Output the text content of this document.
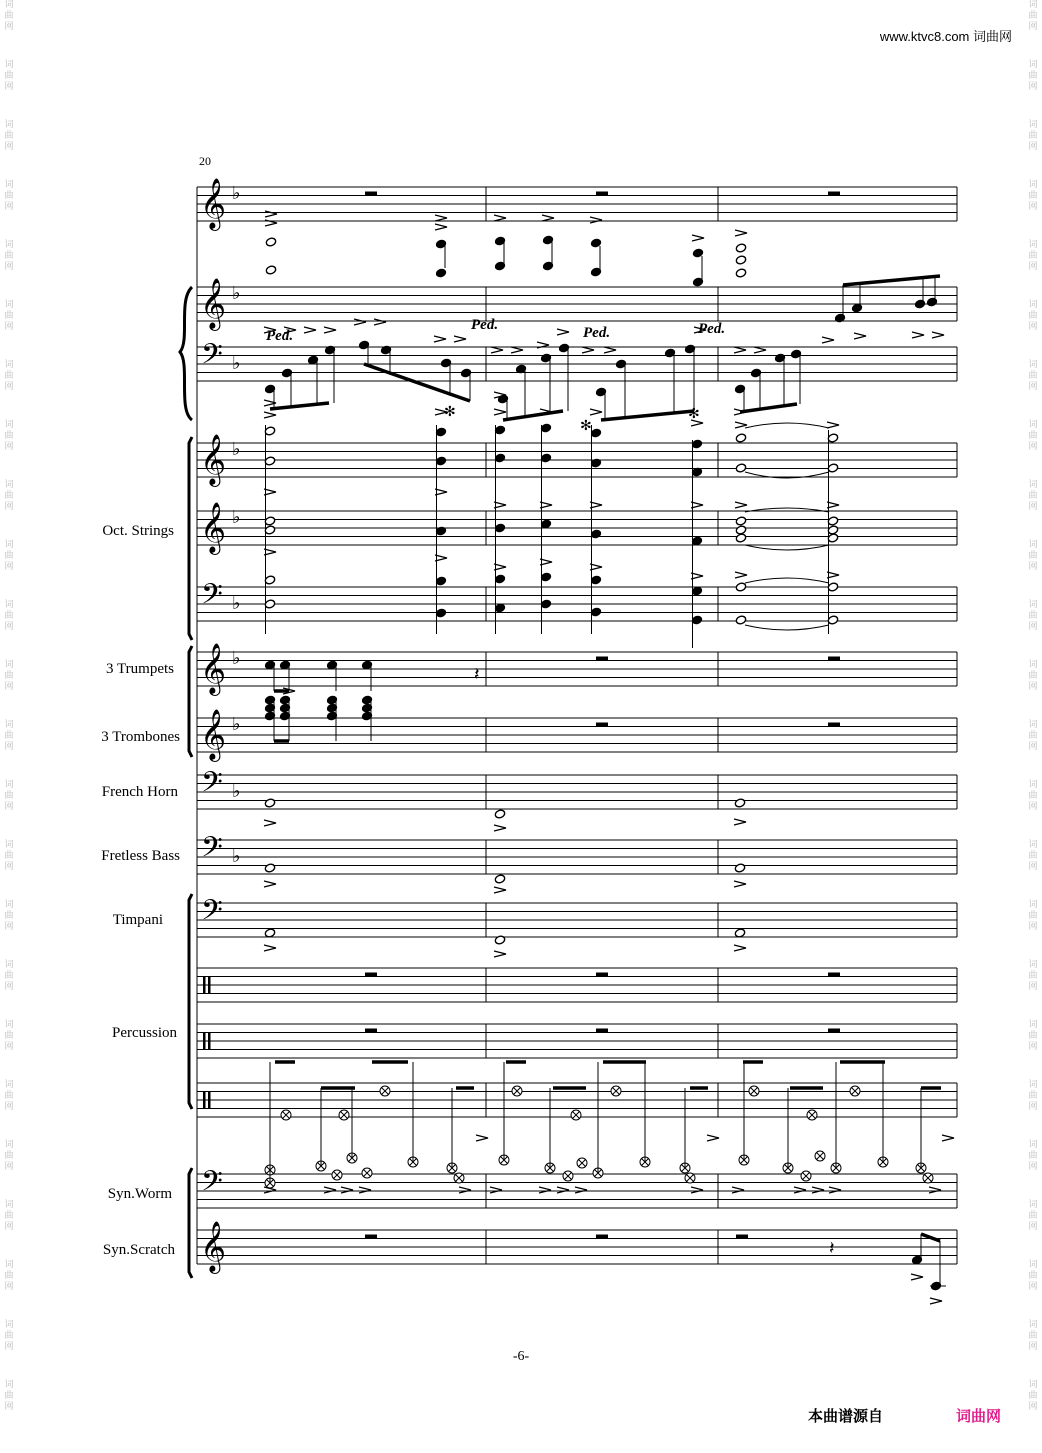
www.ktvc8.com 词曲网
20
词
曲
网
词
曲
网
词
曲
网
词
曲
网
词
曲
网
词
曲
网
词
曲
网
词
曲
网
词
曲
网
词
曲
网
词
曲
网
词
曲
网
词
曲
网
词
曲
网
词
曲
网
词
曲
网
词
曲
网
词
曲
网
词
曲
网
词
曲
网
词
曲
网
词
曲
网
词
曲
网
词
曲
网
词
曲
网
词
曲
网
词
曲
网
词
曲
网
词
曲
网
词
曲
网
词
曲
网
词
曲
网
词
曲
网
词
曲
网
词
曲
网
词
曲
网
词
曲
网
词
曲
网
词
曲
网
词
曲
网
词
曲
网
词
曲
网
词
曲
网
词
曲
网
词
曲
网
词
曲
网
词
曲
网
词
曲
网
𝄞 ♭
𝄞 ♭
𝄢 ♭
𝄞 ♭
𝄞 ♭
𝄢 ♭
𝄞 ♭
𝄞 ♭
𝄢 ♭
𝄢 ♭
𝄢
𝄢
𝄞
𝄽
𝄽
Ped.
Ped.	Ped.	Ped.
✻
✻
✻
Oct. Strings
3 Trumpets
3 Trombones
French Horn
Fretless Bass
Timpani
Percussion
Syn.Worm
Syn.Scratch
-6-
本曲谱源自	词曲网
